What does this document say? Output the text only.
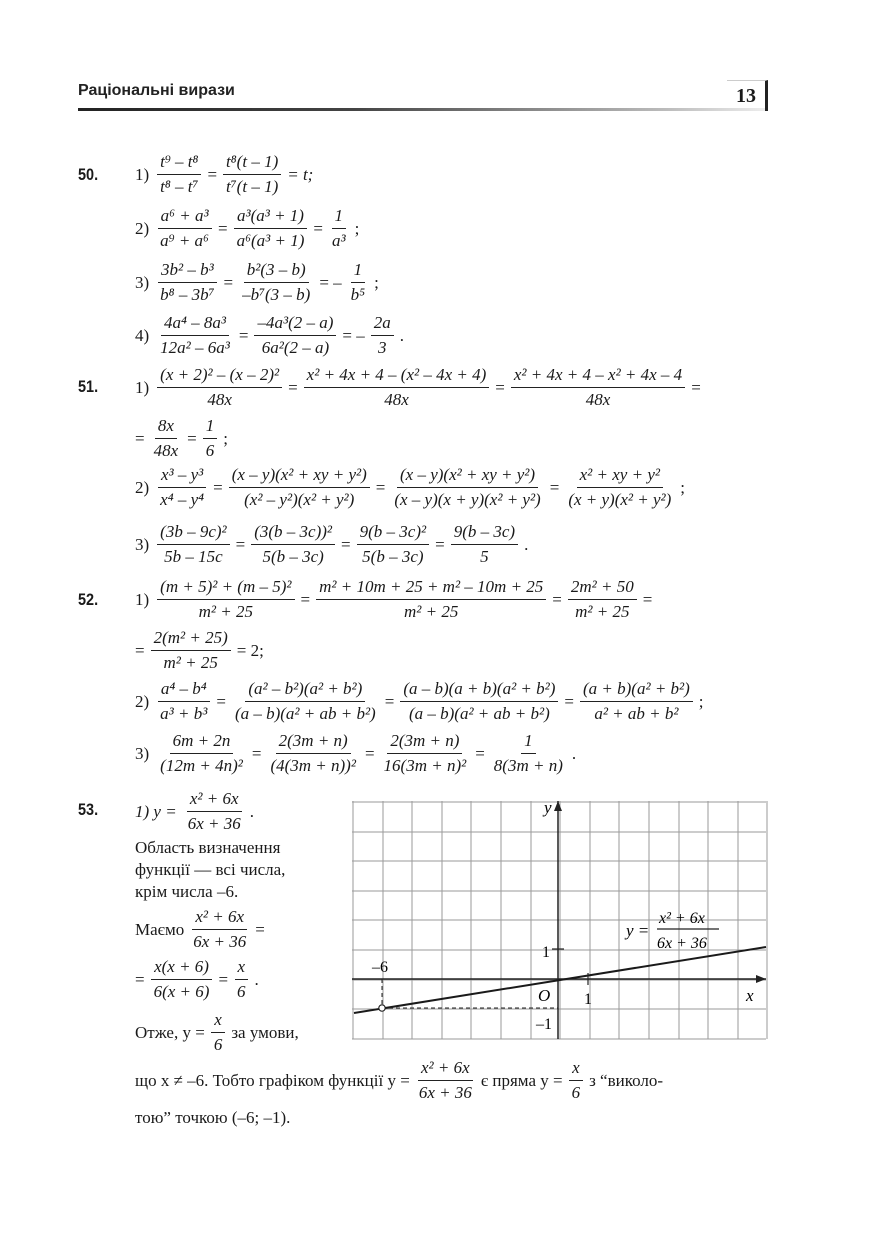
Раціональні вирази	13
50. $1) \frac{\text{t⁹ – t⁸}}{\text{t⁸ – t⁷}} = \frac{\text{t⁸(t – 1)}}{\text{t⁷(t – 1)}} = t$;
$2) \frac{\text{a⁶ + a³}}{\text{a⁹ + a⁶}} = \frac{\text{a³(a³ + 1)}}{\text{a⁶(a³ + 1)}} = \frac{1}{\text{a³}}$ ;
$3) \frac{\text{3b² – b³}}{\text{b⁸ – 3b⁷}} = \frac{\text{b²(3 – b)}}{\text{–b⁷(3 – b)}}$ = – $\frac{1}{\text{b⁵}}$ ;
$4) \frac{\text{4a⁴ – 8a³}}{\text{12a² – 6a³}} = \frac{\text{–4a³(2 – a)}}{\text{6a²(2 – a)}}$ = – $\frac{2a}{3}$ .
51. $1) \frac{\text{(x + 2)² – (x – 2)²}}{48x} = \frac{\text{x² + 4x + 4 – (x² – 4x + 4)}}{48x} = \frac{\text{x² + 4x + 4 – x² + 4x – 4}}{48x}$ =
= $\frac{8x}{48x} = \frac{1}{6}$ ;
$2) \frac{\text{x³ – y³}}{\text{x⁴ – y⁴}} = \frac{\text{(x – y)(x² + xy + y²)}}{\text{(x² – y²)(x² + y²)}} = \frac{\text{(x – y)(x² + xy + y²)}}{\text{(x – y)(x + y)(x² + y²)}} = \frac{\text{x² + xy + y²}}{\text{(x + y)(x² + y²)}}$ ;
$3) \frac{\text{(3b – 9c)²}}{5b - 15c} = \frac{\text{(3(b – 3c))²}}{5(b - 3c)} = \frac{\text{9(b – 3c)²}}{5(b - 3c)} = \frac{9(b - 3c)}{5}$ .
52. $1) \frac{\text{(m + 5)² + (m – 5)²}}{\text{m² + 25}} = \frac{\text{m² + 10m + 25 + m² – 10m + 25}}{\text{m² + 25}} = \frac{\text{2m² + 50}}{\text{m² + 25}}$ =
= $\frac{\text{2(m² + 25)}}{\text{m² + 25}} = 2$;
$2) \frac{\text{a⁴ – b⁴}}{\text{a³ + b³}} = \frac{\text{(a² – b²)(a² + b²)}}{\text{(a – b)(a² + ab + b²)}} = \frac{\text{(a – b)(a + b)(a² + b²)}}{\text{(a – b)(a² + ab + b²)}} = \frac{\text{(a + b)(a² + b²)}}{\text{a² + ab + b²}}$ ;
$3) \frac{6m + 2n}{\text{(12m + 4n)²}} = \frac{2(3m + n)}{\text{(4(3m + n))²}} = \frac{2(3m + n)}{\text{16(3m + n)²}} = \frac{1}{8(3m + n)}$ .
53. 1) $y = \frac{\text{x² + 6x}}{6x + 36}$ .
Область визначення
функції — всі числа,
крім числа –6.
Маємо $\frac{\text{x² + 6x}}{6x + 36}$ =
= $\frac{x(x + 6)}{6(x + 6)} = \frac{x}{6}$ .
Отже, $y = \frac{x}{6}$ за умови,
що x ≠ –6. Тобто графіком функції $y = \frac{\text{x² + 6x}}{6x + 36}$ є пряма $y = \frac{x}{6}$ з “виколо-
тою” точкою (–6; –1).
y
x
O 1
1
–6
–1
y =
x² + 6x
6x + 36
